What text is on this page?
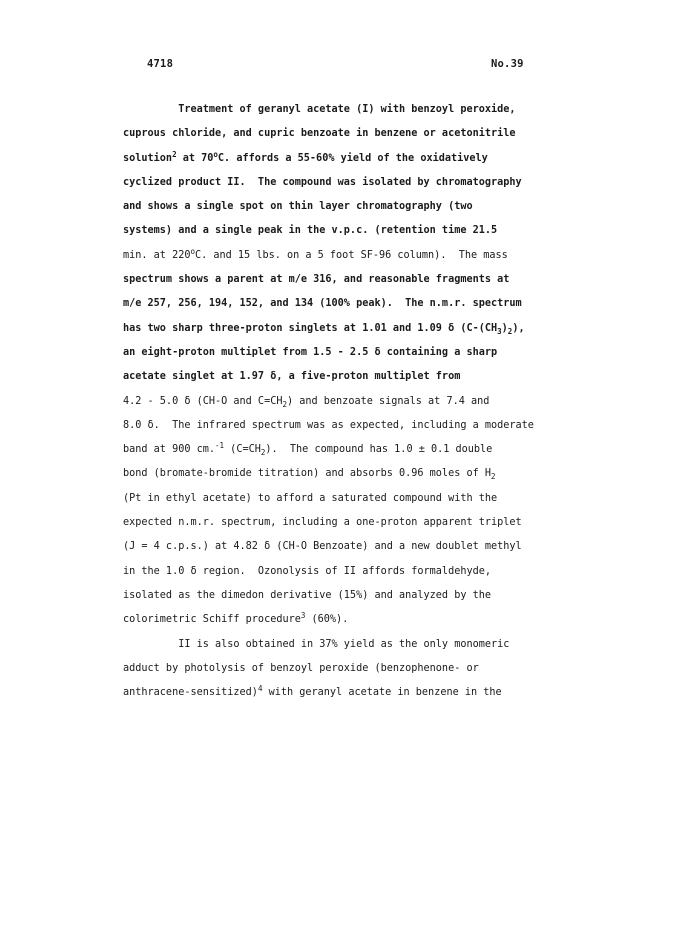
4718	No.39
Treatment of geranyl acetate (I) with benzoyl peroxide,
cuprous chloride, and cupric benzoate in benzene or acetonitrile
solution$^2$ at 70$^o$C. affords a 55-60% yield of the oxidatively
cyclized product II.  The compound was isolated by chromatography
and shows a single spot on thin layer chromatography (two
systems) and a single peak in the v.p.c. (retention time 21.5
min. at 220$^o$C. and 15 lbs. on a 5 foot SF-96 column).  The mass
spectrum shows a parent at m/e 316, and reasonable fragments at
m/e 257, 256, 194, 152, and 134 (100% peak).  The n.m.r. spectrum
has two sharp three-proton singlets at 1.01 and 1.09 δ $(C-(CH_3)_2)$,
an eight-proton multiplet from 1.5 - 2.5 δ containing a sharp
acetate singlet at 1.97 δ, a five-proton multiplet from
4.2 - 5.0 δ (CH-O and $C=CH_2$) and benzoate signals at 7.4 and
8.0 δ.  The infrared spectrum was as expected, including a moderate
band at 900 cm.$^{-1}$ $(C=CH_2)$.  The compound has 1.0 ± 0.1 double
bond (bromate-bromide titration) and absorbs 0.96 moles of $H_2$
(Pt in ethyl acetate) to afford a saturated compound with the
expected n.m.r. spectrum, including a one-proton apparent triplet
(J = 4 c.p.s.) at 4.82 δ (CH-O Benzoate) and a new doublet methyl
in the 1.0 δ region.  Ozonolysis of II affords formaldehyde,
isolated as the dimedon derivative (15%) and analyzed by the
colorimetric Schiff procedure$^3$ (60%).
II is also obtained in 37% yield as the only monomeric
adduct by photolysis of benzoyl peroxide (benzophenone- or
anthracene-sensitized)$^4$ with geranyl acetate in benzene in the
